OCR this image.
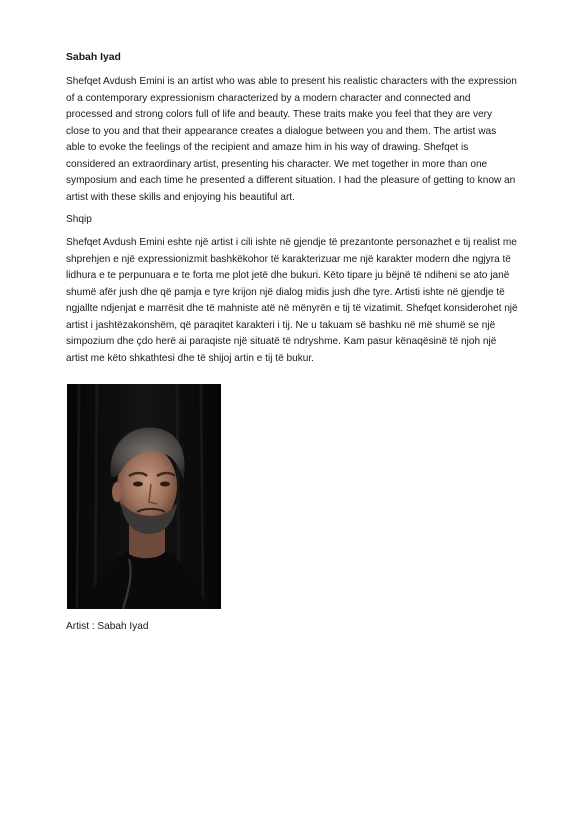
Sabah Iyad

Shefqet Avdush Emini is an artist who was able to present his realistic characters with the expression of a contemporary expressionism characterized by a modern character and connected and processed and strong colors full of life and beauty. These traits make you feel that they are very close to you and that their appearance creates a dialogue between you and them. The artist was able to evoke the feelings of the recipient and amaze him in his way of drawing. Shefqet is considered an extraordinary artist, presenting his character. We met together in more than one symposium and each time he presented a different situation. I had the pleasure of getting to know an artist with these skills and enjoying his beautiful art.

Shqip

Shefqet Avdush Emini eshte një artist i cili ishte në gjendje të prezantonte personazhet e tij realist me shprehjen e një expressionizmit bashkëkohor të karakterizuar me një karakter modern dhe ngjyra të lidhura e te perpunuara e te forta me plot jetë dhe bukuri. Këto tipare ju bëjnë të ndiheni se ato janë shumë afër jush dhe që pamja e tyre krijon një dialog midis jush dhe tyre. Artisti ishte në gjendje të ngjallte ndjenjat e marrësit dhe të mahniste atë në mënyrën e tij të vizatimit. Shefqet konsiderohet një artist i jashtëzakonshëm, që paraqitet karakteri i tij. Ne u takuam së bashku në më shumë se një simpozium dhe çdo herë ai paraqiste një situatë të ndryshme. Kam pasur kënaqësinë të njoh një artist me këto shkathtesi dhe të shijoj artin e tij të bukur.

Artist : Sabah Iyad
